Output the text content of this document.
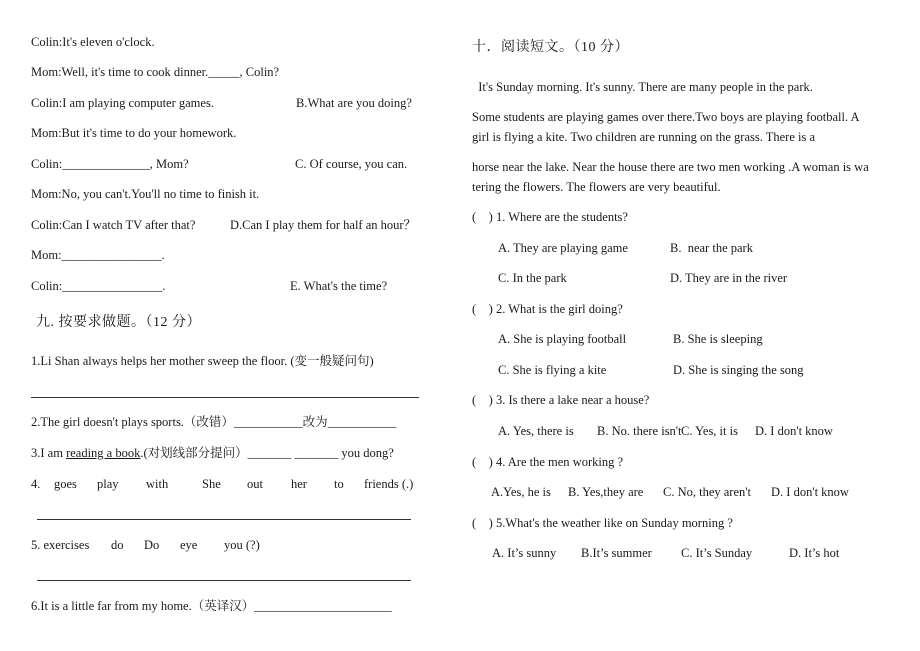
Colin:It's eleven o'clock.
Mom:Well, it's time to cook dinner._____, Colin?
Colin:I am playing computer games.	B.What are you doing?
Mom:But it's time to do your homework.
Colin:______________, Mom?	C. Of course, you can.
Mom:No, you can't.You'll no time to finish it.
Colin:Can I watch TV after that?	D.Can I play them for half an hour？
Mom:________________.
Colin:________________.	E. What's the time?
九. 按要求做题。（12 分）
1.Li Shan always helps her mother sweep the floor. (变一般疑问句)
2.The girl doesn't plays sports.（改错）___________改为___________
3.I am reading a book.(对划线部分提问）_______ _______ you dong?
4. goes play with	She out her to friends (.)
5. exercises do Do eye you (?)
6.It is a little far from my home.（英译汉）______________________
十．阅读短文。（10 分）
It's Sunday morning. It's sunny. There are many people in the park.
Some students are playing games over there.Two boys are playing football. A
girl is flying a kite. Two children are running on the grass. There is a
horse near the lake. Near the house there are two men working .A woman is wa
tering the flowers. The flowers are very beautiful.
(    ) 1. Where are the students?
A. They are playing game	B.  near the park
C. In the park	D. They are in the river
(    ) 2. What is the girl doing?
A. She is playing football	B. She is sleeping
C. She is flying a kite	D. She is singing the song
(    ) 3. Is there a lake near a house?
A. Yes, there is B. No. there isn't C. Yes, it is D. I don't know
(    ) 4. Are the men working ?
A.Yes, he is B. Yes,they are C. No, they aren't D. I don't know
(    ) 5.What's the weather like on Sunday morning ?
A. It’s sunny B.It’s summer C. It’s Sunday	D. It’s hot
